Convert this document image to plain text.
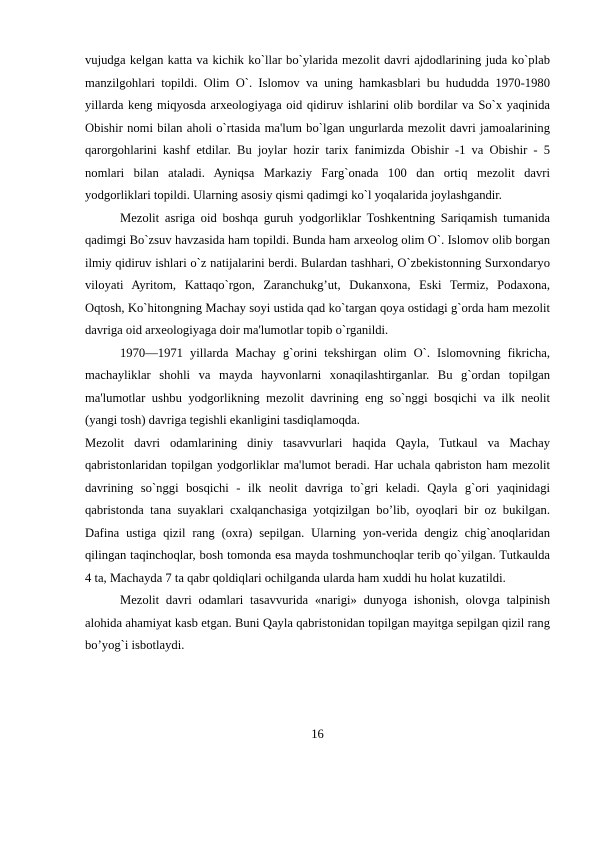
vujudga kelgan katta va kichik ko`llar bo`ylarida mezolit davri ajdodlarining juda ko`plab manzilgohlari topildi. Olim O`. Islomov va uning hamkasblari bu hududda 1970-1980 yillarda keng miqyosda arxeologiyaga oid qidiruv ishlarini olib bordilar va So`x yaqinida Obishir nomi bilan aholi o`rtasida ma'lum bo`lgan ungurlarda mezolit davri jamoalarining qarorgohlarini kashf etdilar. Bu joylar hozir tarix fanimizda Obishir -1 va Obishir - 5 nomlari bilan ataladi. Ayniqsa Markaziy Farg`onada 100 dan ortiq mezolit davri yodgorliklari topildi. Ularning asosiy qismi qadimgi ko`l yoqalarida joylashgandir.

Mezolit asriga oid boshqa guruh yodgorliklar Toshkentning Sariqamish tumanida qadimgi Bo`zsuv havzasida ham topildi. Bunda ham arxeolog olim O`. Islomov olib borgan ilmiy qidiruv ishlari o`z natijalarini berdi. Bulardan tashhari, O`zbekistonning Surxondaryo viloyati Ayritom, Kattaqo`rgon, Zaranchukg’ut, Dukanxona, Eski Termiz, Podaxona, Oqtosh, Ko`hitongning Machay soyi ustida qad ko`targan qoya ostidagi g`orda ham mezolit davriga oid arxeologiyaga doir ma'lumotlar topib o`rganildi.

1970—1971 yillarda Machay g`orini tekshirgan olim O`. Islomovning fikricha, machayliklar shohli va mayda hayvonlarni xonaqilashtirganlar. Bu g`ordan topilgan ma'lumotlar ushbu yodgorlikning mezolit davrining eng so`nggi bosqichi va ilk neolit (yangi tosh) davriga tegishli ekanligini tasdiqlamoqda.

Mezolit davri odamlarining diniy tasavvurlari haqida Qayla, Tutkaul va Machay qabristonlaridan topilgan yodgorliklar ma'lumot beradi. Har uchala qabriston ham mezolit davrining so`nggi bosqichi - ilk neolit davriga to`gri keladi. Qayla g`ori yaqinidagi qabristonda tana suyaklari cxalqanchasiga yotqizilgan bo’lib, oyoqlari bir oz bukilgan. Dafina ustiga qizil rang (oxra) sepilgan. Ularning yon-verida dengiz chig`anoqlaridan qilingan taqinchoqlar, bosh tomonda esa mayda toshmunchoqlar terib qo`yilgan. Tutkaulda 4 ta, Machayda 7 ta qabr qoldiqlari ochilganda ularda ham xuddi hu holat kuzatildi.

Mezolit davri odamlari tasavvurida «narigi» dunyoga ishonish, olovga talpinish alohida ahamiyat kasb etgan. Buni Qayla qabristonidan topilgan mayitga sepilgan qizil rang bo’yog`i isbotlaydi.

16
